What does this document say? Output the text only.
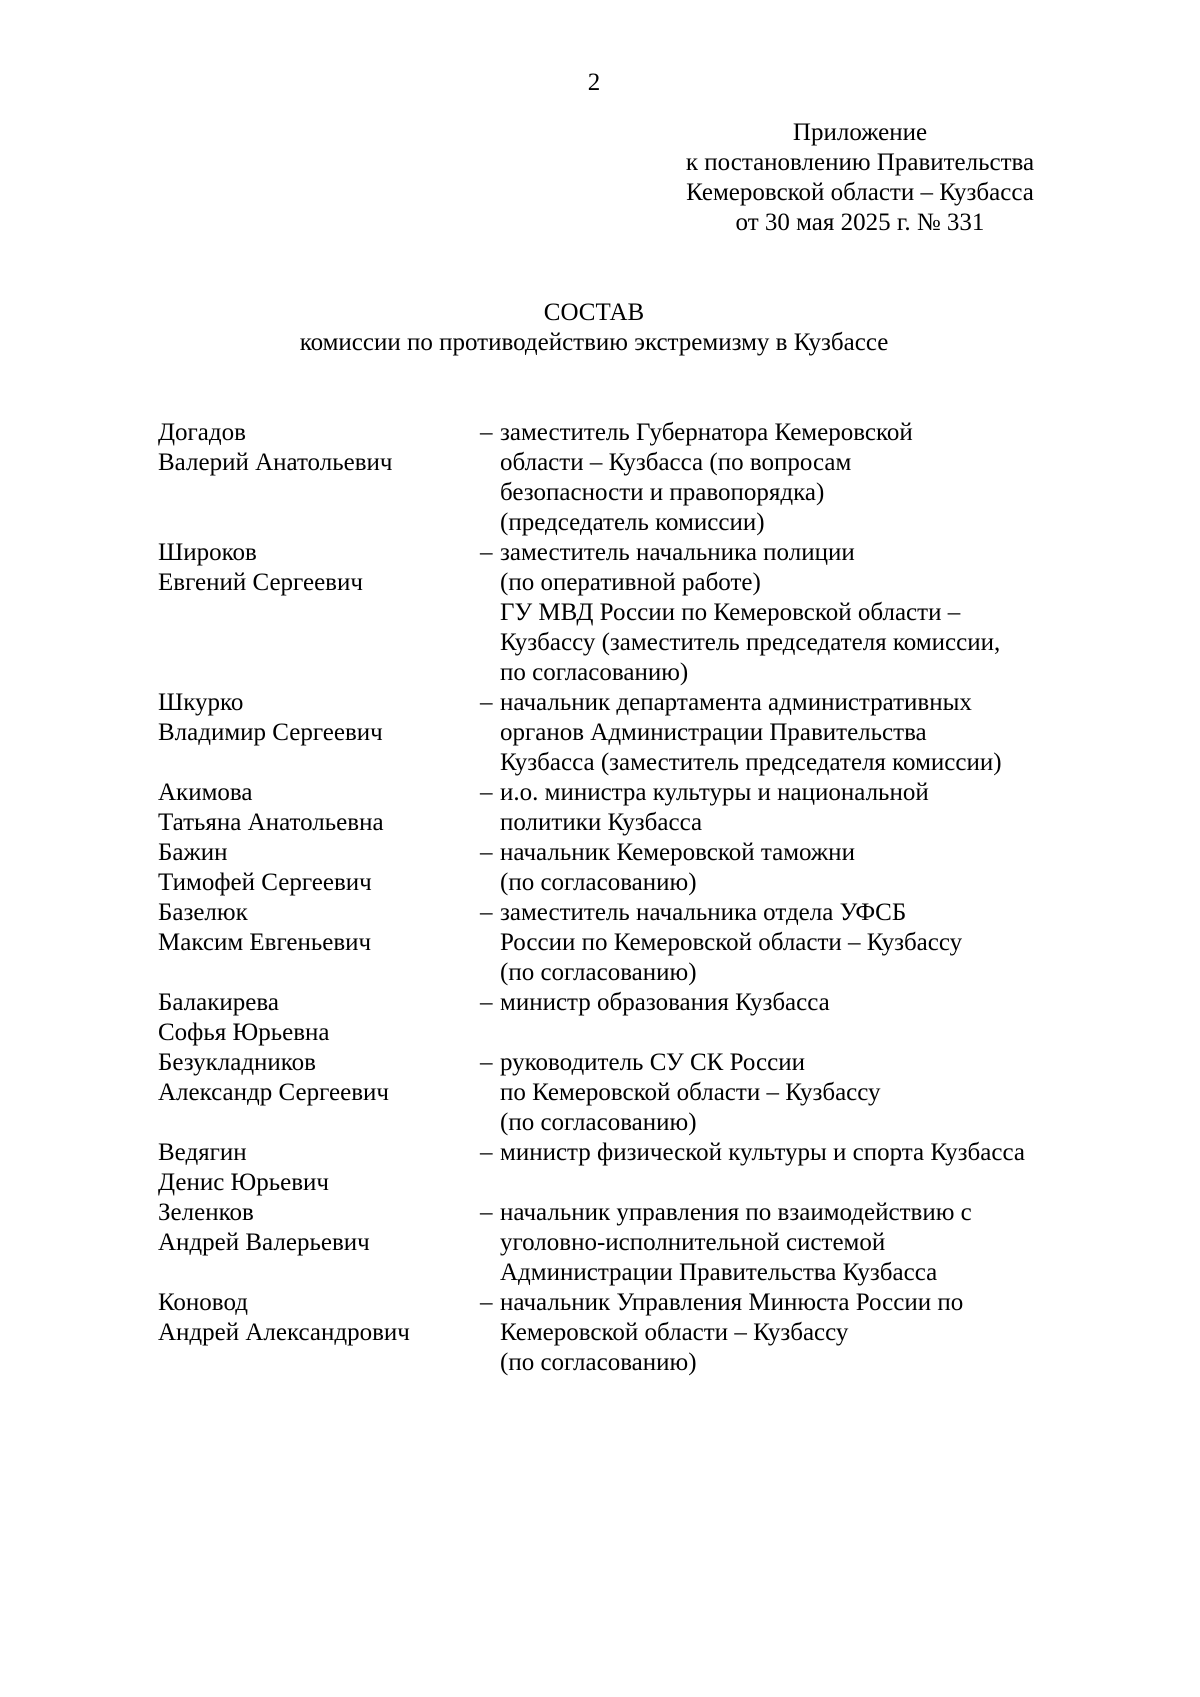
2
Приложение
к постановлению Правительства
Кемеровской области – Кузбасса
от 30 мая 2025 г. № 331
СОСТАВ
комиссии по противодействию экстремизму в Кузбассе
Догадов
Валерий Анатольевич
– заместитель Губернатора Кемеровской
области – Кузбасса (по вопросам
безопасности и правопорядка)
(председатель комиссии)
Широков
Евгений Сергеевич
– заместитель начальника полиции
(по оперативной работе)
ГУ МВД России по Кемеровской области –
Кузбассу (заместитель председателя комиссии,
по согласованию)
Шкурко
Владимир Сергеевич
– начальник департамента административных
органов Администрации Правительства
Кузбасса (заместитель председателя комиссии)
Акимова
Татьяна Анатольевна
– и.о. министра культуры и национальной
политики Кузбасса
Бажин
Тимофей Сергеевич
– начальник Кемеровской таможни
(по согласованию)
Базелюк
Максим Евгеньевич
– заместитель начальника отдела УФСБ
России по Кемеровской области – Кузбассу
(по согласованию)
Балакирева
Софья Юрьевна
– министр образования Кузбасса
Безукладников
Александр Сергеевич
– руководитель СУ СК России
по Кемеровской области – Кузбассу
(по согласованию)
Ведягин
Денис Юрьевич
– министр физической культуры и спорта Кузбасса
Зеленков
Андрей Валерьевич
– начальник управления по взаимодействию с
уголовно-исполнительной системой
Администрации Правительства Кузбасса
Коновод
Андрей Александрович
– начальник Управления Минюста России по
Кемеровской области – Кузбассу
(по согласованию)
